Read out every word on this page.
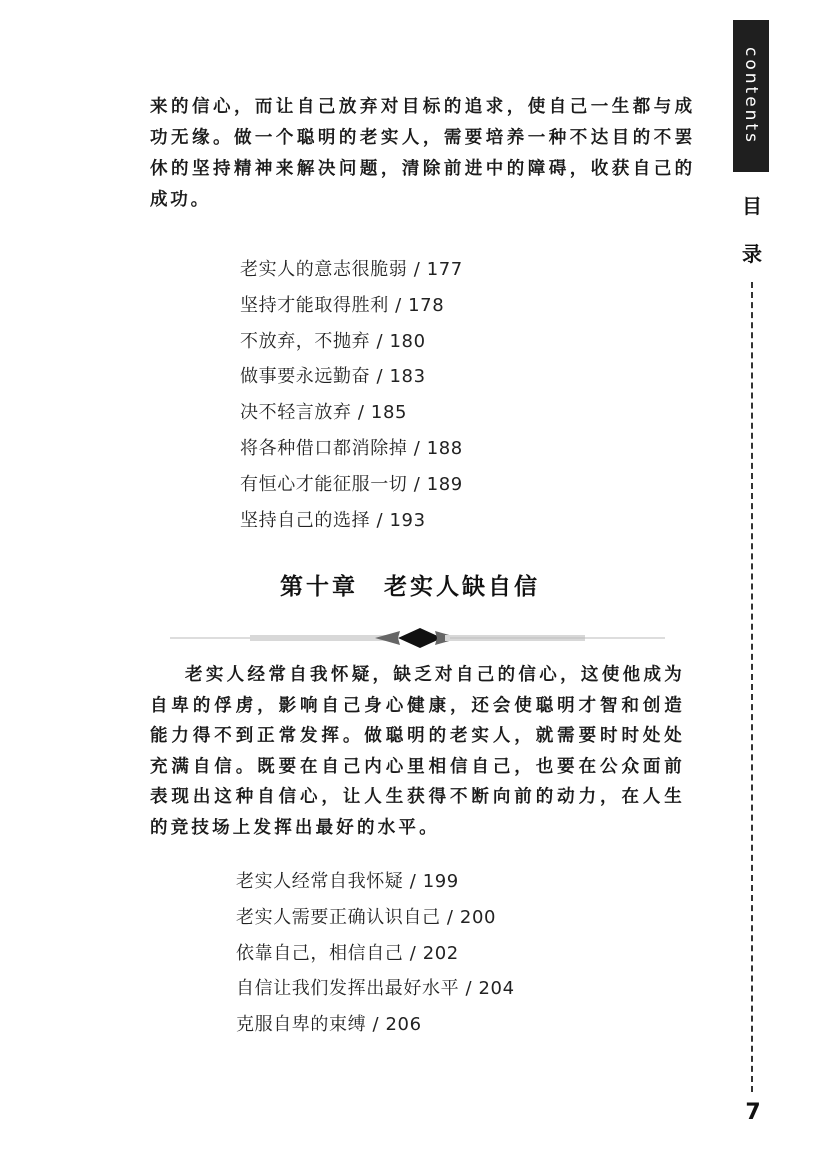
contents
目
录
7

来的信心，而让自己放弃对目标的追求，使自己一生都与成功无缘。做一个聪明的老实人，需要培养一种不达目的不罢休的坚持精神来解决问题，清除前进中的障碍，收获自己的成功。

老实人的意志很脆弱 / 177
坚持才能取得胜利 / 178
不放弃，不抛弃 / 180
做事要永远勤奋 / 183
决不轻言放弃 / 185
将各种借口都消除掉 / 188
有恒心才能征服一切 / 189
坚持自己的选择 / 193
第十章　老实人缺自信

老实人经常自我怀疑，缺乏对自己的信心，这使他成为自卑的俘虏，影响自己身心健康，还会使聪明才智和创造能力得不到正常发挥。做聪明的老实人，就需要时时处处充满自信。既要在自己内心里相信自己，也要在公众面前表现出这种自信心，让人生获得不断向前的动力，在人生的竞技场上发挥出最好的水平。

老实人经常自我怀疑 / 199
老实人需要正确认识自己 / 200
依靠自己，相信自己 / 202
自信让我们发挥出最好水平 / 204
克服自卑的束缚 / 206
